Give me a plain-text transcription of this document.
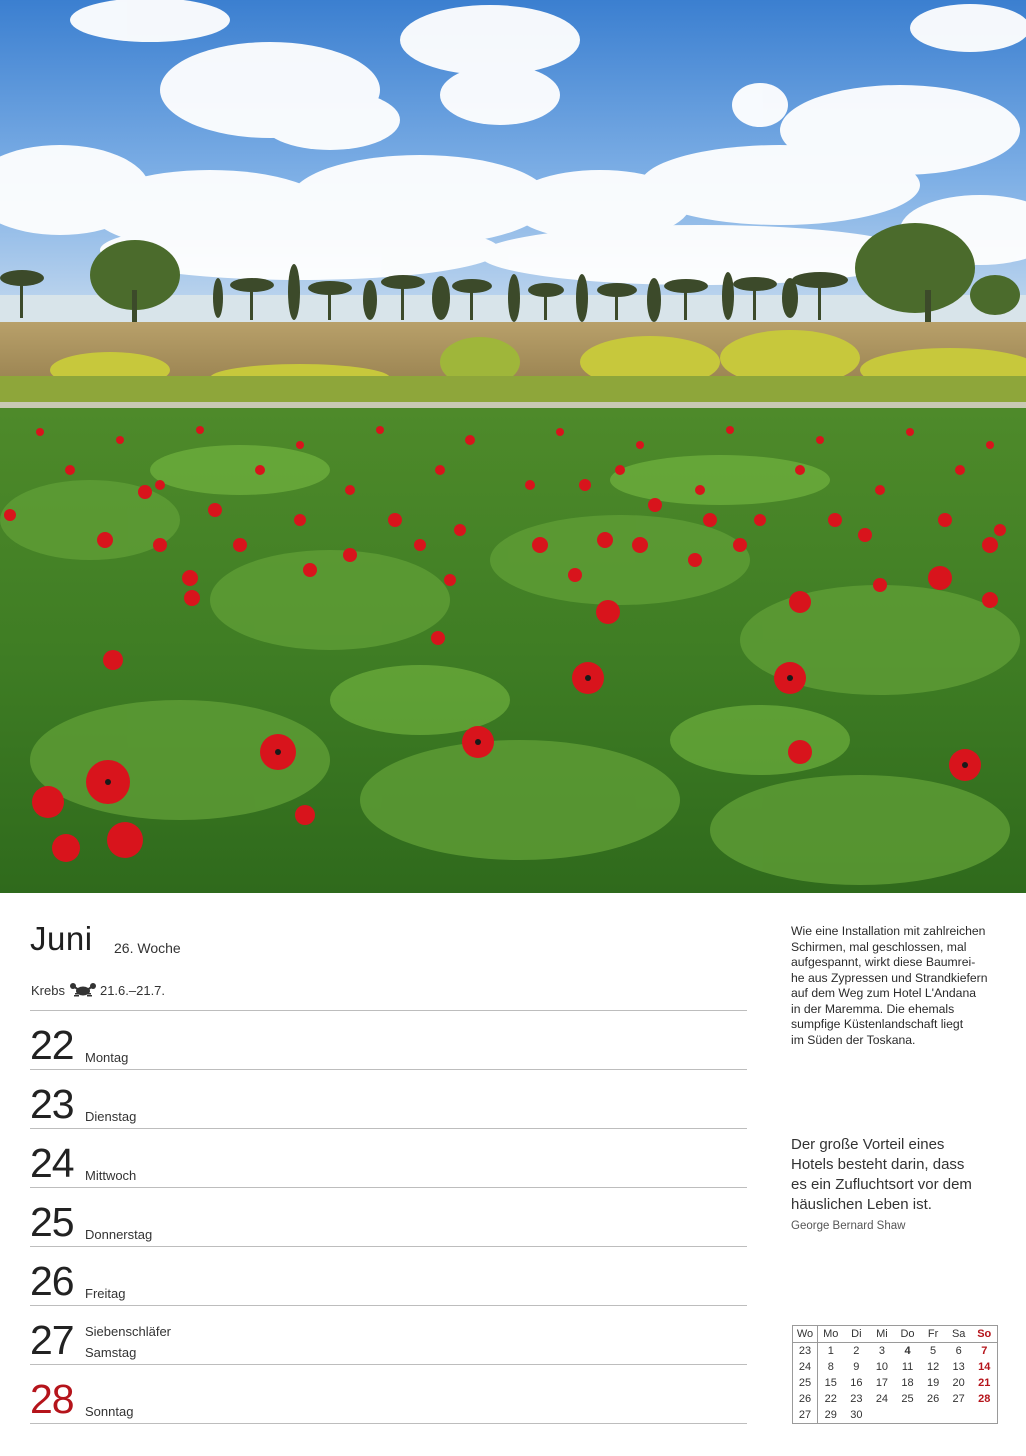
Juni 26. Woche
Krebs	21.6.–21.7.
22 Montag
23 Dienstag
24 Mittwoch
25 Donnerstag
26 Freitag
27 Siebenschläfer
Samstag
28 Sonntag

Wie eine Installation mit zahlreichen
Schirmen, mal geschlossen, mal
aufgespannt, wirkt diese Baumrei-
he aus Zypressen und Strandkiefern
auf dem Weg zum Hotel L'Andana
in der Maremma. Die ehemals
sumpfige Küstenlandschaft liegt
im Süden der Toskana.

Der große Vorteil eines
Hotels besteht darin, dass
es ein Zufluchtsort vor dem
häuslichen Leben ist.
George Bernard Shaw
Wo Mo	Di	Mi	Do	Fr	Sa	So
23	1	2	3	4	5	6	7
24	8	9	10	11	12	13	14
25	15	16	17	18	19	20	21
26	22	23	24	25	26	27	28
27	29	30
